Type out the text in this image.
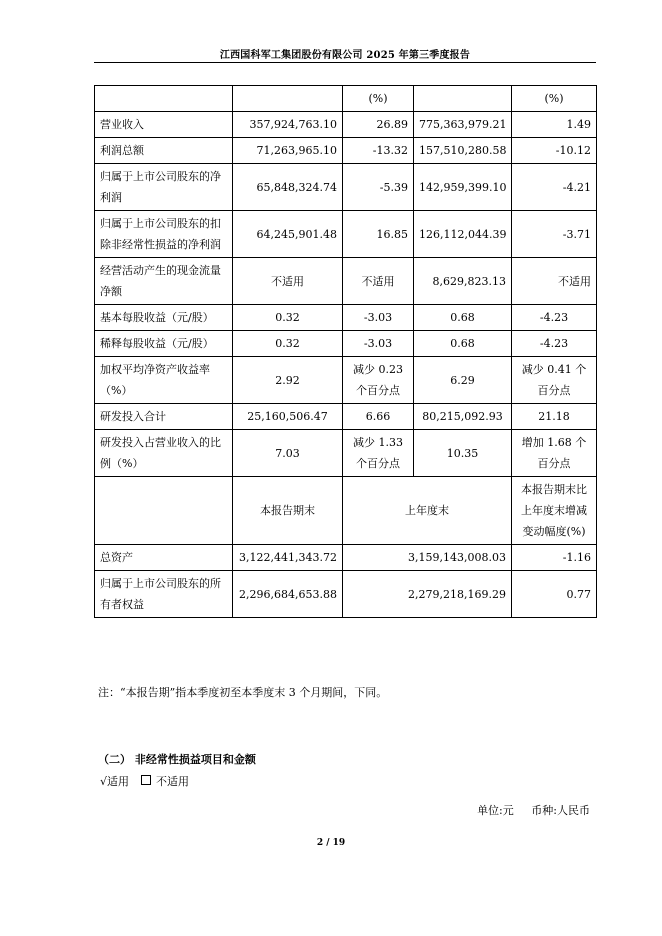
江西国科军工集团股份有限公司 2025 年第三季度报告
		(%)		(%)
营业收入	357,924,763.10	26.89	775,363,979.21	1.49
利润总额	71,263,965.10	-13.32	157,510,280.58	-10.12
归属于上市公司股东的净利润	65,848,324.74	-5.39	142,959,399.10	-4.21
归属于上市公司股东的扣除非经常性损益的净利润	64,245,901.48	16.85	126,112,044.39	-3.71
经营活动产生的现金流量净额	不适用	不适用	8,629,823.13	不适用
基本每股收益（元/股）	0.32	-3.03	0.68	-4.23
稀释每股收益（元/股）	0.32	-3.03	0.68	-4.23
加权平均净资产收益率（%）	2.92	减少 0.23 个百分点	6.29	减少 0.41 个百分点
研发投入合计	25,160,506.47	6.66	80,215,092.93	21.18
研发投入占营业收入的比例（%）	7.03	减少 1.33 个百分点	10.35	增加 1.68 个百分点
	本报告期末	上年度末		本报告期末比上年度末增减变动幅度(%)
总资产	3,122,441,343.72	3,159,143,008.03		-1.16
归属于上市公司股东的所有者权益	2,296,684,653.88	2,279,218,169.29		0.77
注：“本报告期”指本季度初至本季度末 3 个月期间，下同。
（二） 非经常性损益项目和金额
√适用 不适用
单位:元 币种:人民币
2 / 19
